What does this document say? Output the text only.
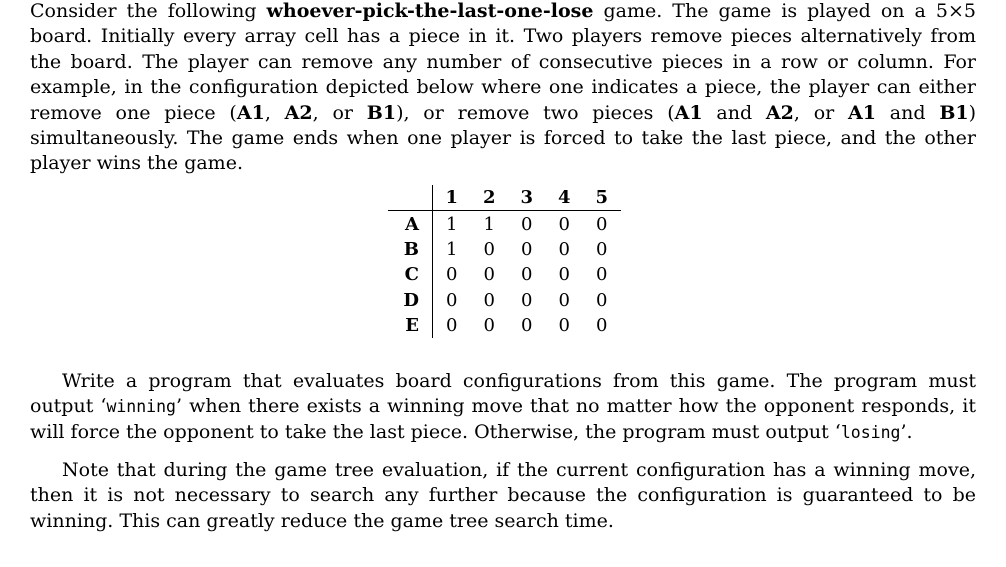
Consider the following whoever-pick-the-last-one-lose game. The game is played on a 5×5 board. Initially every array cell has a piece in it. Two players remove pieces alternatively from the board. The player can remove any number of consecutive pieces in a row or column. For example, in the configuration depicted below where one indicates a piece, the player can either remove one piece (A1, A2, or B1), or remove two pieces (A1 and A2, or A1 and B1) simultaneously. The game ends when one player is forced to take the last piece, and the other player wins the game.

	1	2	3	4	5
A	1	1	0	0	0
B	1	0	0	0	0
C	0	0	0	0	0
D	0	0	0	0	0
E	0	0	0	0	0

Write a program that evaluates board configurations from this game. The program must output ‘winning’ when there exists a winning move that no matter how the opponent responds, it will force the opponent to take the last piece. Otherwise, the program must output ‘losing’.

Note that during the game tree evaluation, if the current configuration has a winning move, then it is not necessary to search any further because the configuration is guaranteed to be winning. This can greatly reduce the game tree search time.
